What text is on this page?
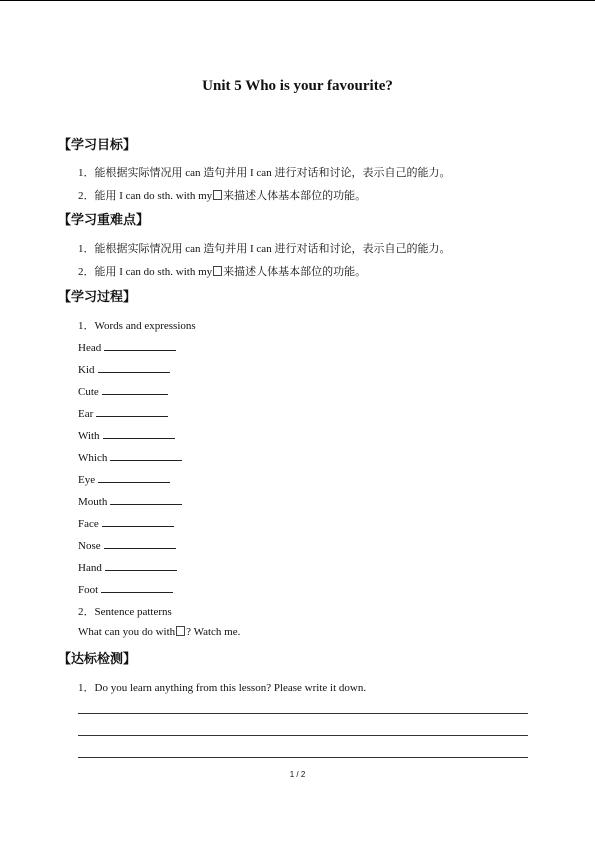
Unit 5 Who is your favourite?
【学习目标】
1．能根据实际情况用 can 造句并用 I can 进行对话和讨论，表示自己的能力。
2．能用 I can do sth. with my 来描述人体基本部位的功能。
【学习重难点】
1．能根据实际情况用 can 造句并用 I can 进行对话和讨论，表示自己的能力。
2．能用 I can do sth. with my 来描述人体基本部位的功能。
【学习过程】
1．Words and expressions
Head
Kid
Cute
Ear
With
Which
Eye
Mouth
Face
Nose
Hand
Foot
2．Sentence patterns
What can you do with ? Watch me.
【达标检测】
1．Do you learn anything from this lesson? Please write it down.
1 / 2
